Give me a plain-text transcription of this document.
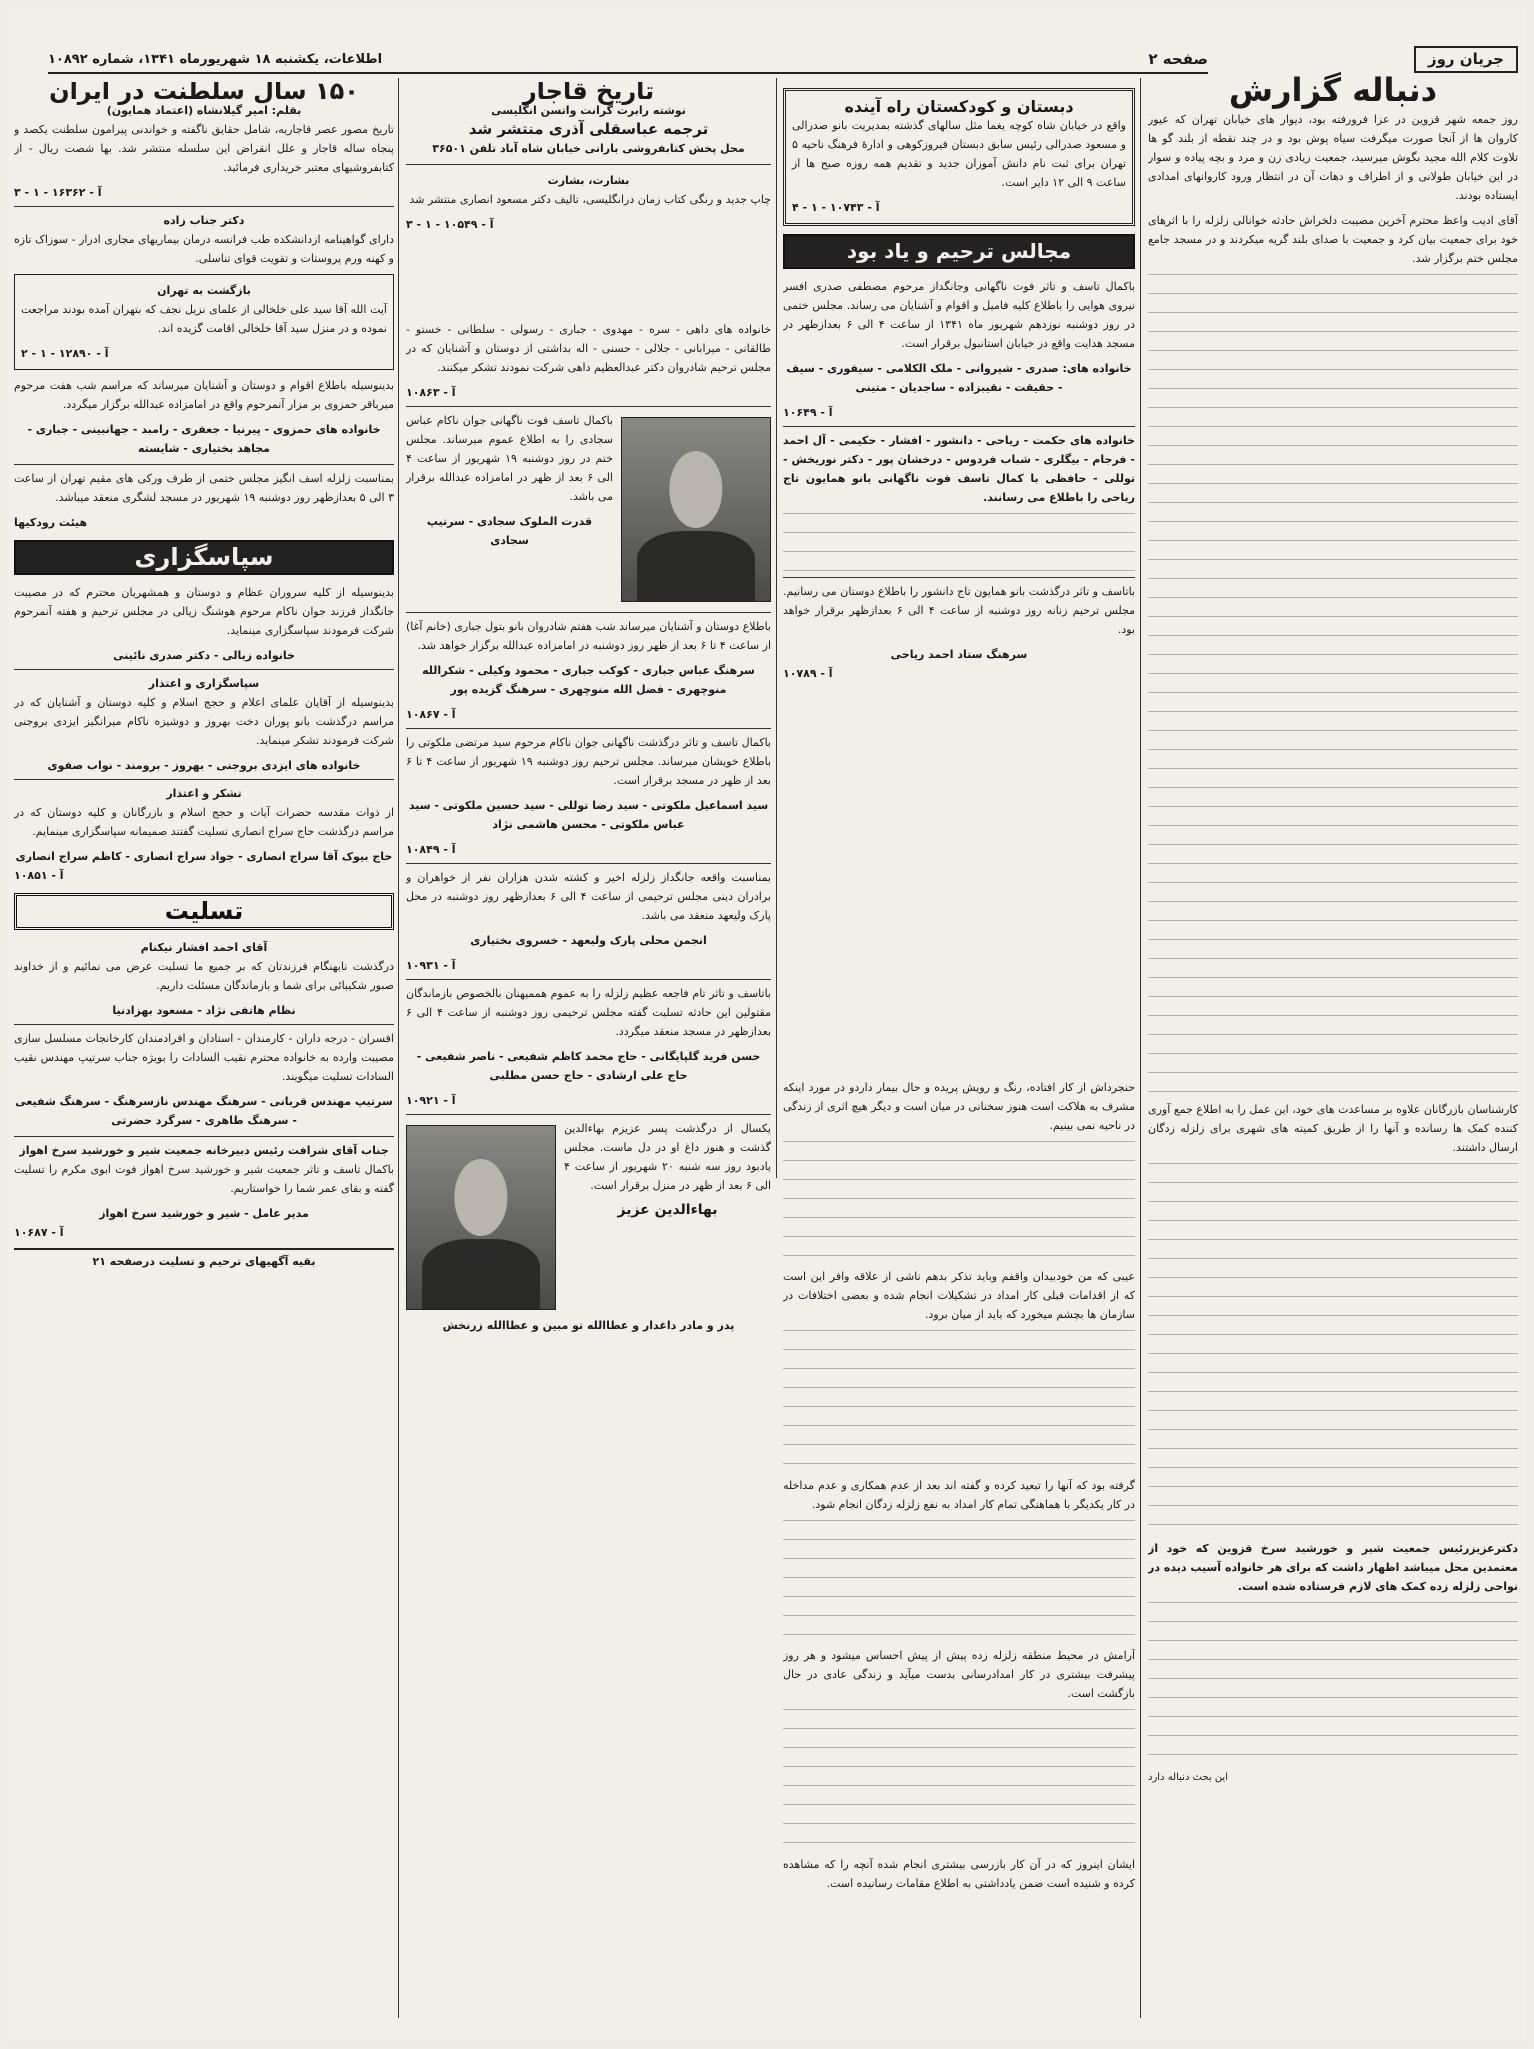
صفحه ۲
اطلاعات، یکشنبه ۱۸ شهریورماه ۱۳۴۱، شماره ۱۰۸۹۲	جریان روز
دنباله گزارش

روز جمعه شهر قزوین در عزا فرورفته بود، دیوار های خیابان تهران که عیور کاروان ها از آنجا صورت میگرفت سیاه پوش بود و در چند نقطه از بلند گو ها تلاوت کلام الله مجید بگوش میرسید، جمعیت زیادی زن و مرد و بچه پیاده و سوار در این خیابان طولانی و از اطراف و دهات آن در انتظار ورود کاروانهای امدادی ایستاده بودند.

آقای ادیب واعظ محترم آخرین مصیبت دلخراش حادثه خوانالی زلزله را با اثرهای خود برای جمعیت بیان کرد و جمعیت با صدای بلند گریه میکردند و در مسجد جامع مجلس ختم برگزار شد.

کارشناسان بازرگانان علاوه بر مساعدت های خود، این عمل را به اطلاع جمع آوری کننده کمک ها رسانده و آنها را از طریق کمیته های شهری برای زلزله زدگان ارسال داشتند.

دکترعزیزرئیس جمعیت شیر و خورشید سرخ قزوین که خود از معتمدین محل میباشد اظهار داشت که برای هر خانواده آسیب دیده در نواحی زلزله زده کمک های لازم فرستاده شده است.

این بحث دنباله دارد

دبستان و کودکستان راه آینده

واقع در خیابان شاه کوچه یغما مثل سالهای گذشته بمدیریت بانو صدرالی و مسعود صدرالی رئیس سابق دبستان فیروزکوهی و ادارهٔ فرهنگ ناحیه ۵ تهران برای ثبت نام دانش آموزان جدید و تقدیم همه روزه صبح ها از ساعت ۹ الی ۱۲ دایر است.

آ - ۱۰۷۴۳ - ۱ - ۴
مجالس ترحیم و یاد بود

باکمال تاسف و تاثر فوت ناگهانی وجانگداز مرحوم مصطفی صدری افسر نیروی هوایی را باطلاع کلیه فامیل و اقوام و آشنایان می رساند. مجلس ختمی در روز دوشنبه نوزدهم شهریور ماه ۱۳۴۱ از ساعت ۴ الی ۶ بعدازظهر در مسجد هدایت واقع در خیابان استانبول برقرار است.

خانواده های: صدری - شیروانی - ملک الکلامی - سیفوری - سیف - حقیقت - نقیبزاده - ساجدیان - متینی

آ - ۱۰۶۴۹

خانواده های حکمت - ریاحی - دانشور - افشار - حکیمی - آل احمد - فرجام - بیگلری - شباب فردوس - درخشان پور - دکتر نوریخش - توللی - حافظی با کمال تاسف فوت ناگهانی بانو همایون تاج ریاحی را باطلاع می رسانند.

باتاسف و تاثر درگذشت بانو همایون تاج دانشور را باطلاع دوستان می رسانیم. مجلس ترحیم زنانه روز دوشنبه از ساعت ۴ الی ۶ بعدازظهر برقرار خواهد بود.

سرهنگ ستاد احمد ریاحی
آ - ۱۰۷۸۹
تاریخ قاجار
نوشته رابرت گرانت واتسن انگلیسی
ترجمه عباسقلی آذری منتشر شد
محل پخش کتابفروشی بارانی خیابان شاه آباد تلفن ۳۶۵۰۱
بشارت، بشارت

چاپ جدید و رنگی کتاب زمان درانگلیسی، تالیف دکتر مسعود انصاری منتشر شد

آ - ۱۰۵۴۹ - ۱ - ۳

خانواده های داهی - سره - مهدوی - جباری - رسولی - سلطانی - خستو - طالقانی - میرابانی - جلالی - حسنی - اله بداشتی از دوستان و آشنایان که در مجلس ترحیم شادروان دکتر عبدالعظیم داهی شرکت نمودند تشکر میکنند.

آ - ۱۰۸۶۳

باکمال تاسف فوت ناگهانی جوان ناکام عباس سجادی را به اطلاع عموم میرساند. مجلس ختم در روز دوشنبه ۱۹ شهریور از ساعت ۴ الی ۶ بعد از ظهر در امامزاده عبدالله برقرار می باشد.

قدرت الملوک سجادی - سرتیپ سجادی

باطلاع دوستان و آشنایان میرساند شب هفتم شادروان بانو بتول جباری (خانم آغا) از ساعت ۴ تا ۶ بعد از ظهر روز دوشنبه در امامزاده عبدالله برگزار خواهد شد.

سرهنگ عباس جباری - کوکب جباری - محمود وکیلی - شکرالله منوچهری - فضل الله منوچهری - سرهنگ گزیده پور

آ - ۱۰۸۶۷

باکمال تاسف و تاثر درگذشت ناگهانی جوان ناکام مرحوم سید مرتضی ملکوتی را باطلاع خویشان میرساند. مجلس ترحیم روز دوشنبه ۱۹ شهریور از ساعت ۴ تا ۶ بعد از ظهر در مسجد برقرار است.

سید اسماعیل ملکوتی - سید رضا توللی - سید حسین ملکوتی - سید عباس ملکوتی - محسن هاشمی نژاد

آ - ۱۰۸۴۹

بمناسبت واقعه جانگداز زلزله اخیر و کشته شدن هزاران نفر از خواهران و برادران دینی مجلس ترحیمی از ساعت ۴ الی ۶ بعدازظهر روز دوشنبه در محل پارک ولیعهد منعقد می باشد.

انجمن محلی پارک ولیعهد - خسروی بختیاری

آ - ۱۰۹۳۱

باتاسف و تاثر تام فاجعه عظیم زلزله را به عموم هممیهنان بالخصوص بازماندگان مقتولین این حادثه تسلیت گفته مجلس ترحیمی روز دوشنبه از ساعت ۴ الی ۶ بعدازظهر در مسجد منعقد میگردد.

حسن فرید گلپایگانی - حاج محمد کاظم شفیعی - ناصر شفیعی - حاج علی ارشادی - حاج حسن مطلبی

آ - ۱۰۹۲۱

یکسال از درگذشت پسر عزیزم بهاءالدین گذشت و هنوز داغ او در دل ماست. مجلس یادبود روز سه شنبه ۲۰ شهریور از ساعت ۴ الی ۶ بعد از ظهر در منزل برقرار است.

بهاءالدین عزیز
پدر و مادر داغدار و عطاالله تو مبین و عطاالله زرنخش

حنجرداش از کار افتاده، رنگ و رویش پریده و حال بیمار داردو در مورد اینکه مشرف به هلاکت است هنوز سخنانی در میان است و دیگر هیچ اثری از زندگی در ناحیه نمی بینیم.

عیبی که من خودبیدان واقفم وباید تذکر بدهم ناشی از علاقه وافر این است که از اقدامات قبلی کار امداد در تشکیلات انجام شده و بعضی اختلافات در سازمان ها بچشم میخورد که باید از میان برود.

گرفته بود که آنها را تبعید کرده و گفته اند بعد از عدم همکاری و عدم مداخله در کار یکدیگر با هماهنگی تمام کار امداد به نفع زلزله زدگان انجام شود.

آرامش در محیط منطقه زلزله زده پیش از پیش احساس میشود و هر روز پیشرفت بیشتری در کار امدادرسانی بدست میآید و زندگی عادی در حال بازگشت است.

ایشان اینروز که در آن کار بازرسی بیشتری انجام شده آنچه را که مشاهده کرده و شنیده است ضمن یادداشتی به اطلاع مقامات رسانیده است.

۱۵۰ سال سلطنت در ایران
بقلم: امیر گیلانشاه (اعتماد همایون)

تاریخ مصور عصر قاجاریه، شامل حقایق ناگفته و خواندنی پیرامون سلطنت یکصد و پنجاه ساله قاجار و علل انقراض این سلسله منتشر شد. بها شصت ریال - از کتابفروشیهای معتبر خریداری فرمائید.

آ - ۱۶۳۶۲ - ۱ - ۳
دکتر جناب زاده

دارای گواهینامه ازدانشکده طب فرانسه درمان بیماریهای مجاری ادرار - سوزاک تازه و کهنه ورم پروستات و تقویت قوای تناسلی.

بازگشت به تهران

آیت الله آقا سید علی خلخالی از علمای نزیل نجف که بتهران آمده بودند مراجعت نموده و در منزل سید آقا خلخالی اقامت گزیده اند.

آ - ۱۲۸۹۰ - ۱ - ۲

بدینوسیله باطلاع اقوام و دوستان و آشنایان میرساند که مراسم شب هفت مرحوم میرباقر حمزوی بر مزار آنمرحوم واقع در امامزاده عبدالله برگزار میگردد.

خانواده های حمزوی - پیرنیا - جعفری - رامبد - جهانبینی - جباری - مجاهد بختیاری - شایسته

بمناسبت زلزله اسف انگیز مجلس ختمی از طرف ورکی های مقیم تهران از ساعت ۳ الی ۵ بعدازظهر روز دوشنبه ۱۹ شهریور در مسجد لشگری منعقد میباشد.

هیئت رودکیها
سپاسگزاری

بدینوسیله از کلیه سروران عظام و دوستان و همشهریان محترم که در مصیبت جانگداز فرزند جوان ناکام مرحوم هوشنگ زیالی در مجلس ترحیم و هفته آنمرحوم شرکت فرمودند سپاسگزاری مینماید.

خانواده زیالی - دکتر صدری نائینی
سپاسگزاری و اعتذار

بدینوسیله از آقایان علمای اعلام و حجج اسلام و کلیه دوستان و آشنایان که در مراسم درگذشت بانو پوران دخت بهروز و دوشیزه ناکام میرانگیز ایزدی بروجنی شرکت فرمودند تشکر مینماید.

خانواده های ایزدی بروجنی - بهروز - برومند - نواب صفوی
تشکر و اعتذار

از ذوات مقدسه حضرات آیات و حجج اسلام و بازرگانان و کلیه دوستان که در مراسم درگذشت حاج سراج انصاری تسلیت گفتند صمیمانه سپاسگزاری مینمایم.

حاج بیوک آقا سراج انصاری - جواد سراج انصاری - کاظم سراج انصاری
آ - ۱۰۸۵۱
تسلیت
آقای احمد افشار نیکنام

درگذشت نابهنگام فرزندتان که بر جمیع ما تسلیت عرض می نمائیم و از خداوند صبور شکیبائی برای شما و بازماندگان مسئلت داریم.

نظام هاتفی نژاد - مسعود بهزادنیا

افسران - درجه داران - کارمندان - استادان و افرادمندان کارخانجات مسلسل سازی مصیبت وارده به خانواده محترم نقیب السادات را بویژه جناب سرتیپ مهندس نقیب السادات تسلیت میگویند.

سرتیپ مهندس قربانی - سرهنگ مهندس نازسرهنگ - سرهنگ شفیعی - سرهنگ طاهری - سرگرد حضرتی

جناب آقای شرافت رئیس دبیرخانه جمعیت شیر و خورشید سرخ اهواز

باکمال تاسف و تاثر جمعیت شیر و خورشید سرخ اهواز فوت ابوی مکرم را تسلیت گفته و بقای عمر شما را خواستاریم.

مدیر عامل - شیر و خورشید سرخ اهواز
آ - ۱۰۶۸۷
بقیه آگهیهای ترحیم و تسلیت درصفحه ۲۱
